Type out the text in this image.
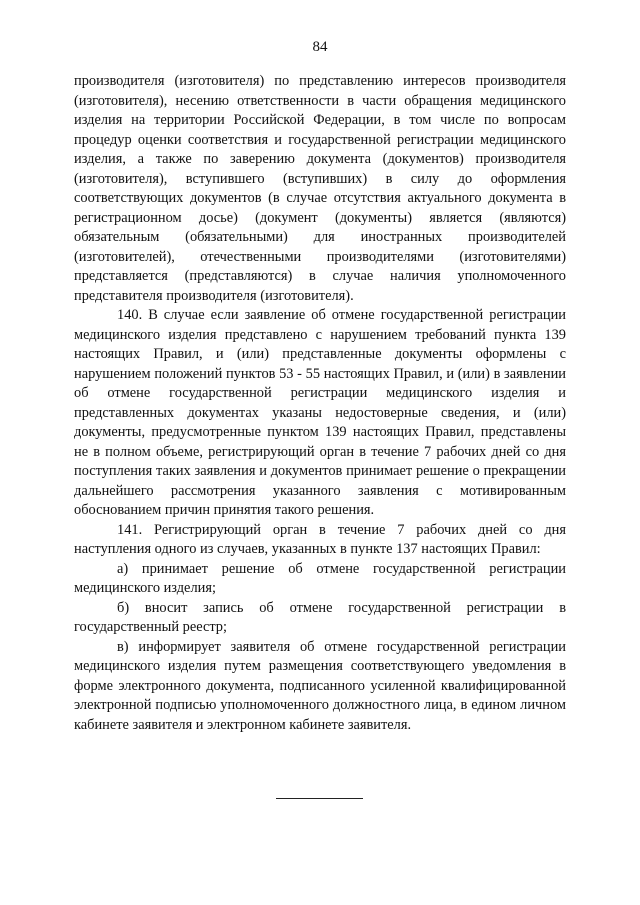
84

производителя (изготовителя) по представлению интересов производителя (изготовителя), несению ответственности в части обращения медицинского изделия на территории Российской Федерации, в том числе по вопросам процедур оценки соответствия и государственной регистрации медицинского изделия, а также по заверению документа (документов) производителя (изготовителя), вступившего (вступивших) в силу до оформления соответствующих документов (в случае отсутствия актуального документа в регистрационном досье) (документ (документы) является (являются) обязательным (обязательными) для иностранных производителей (изготовителей), отечественными производителями (изготовителями) представляется (представляются) в случае наличия уполномоченного представителя производителя (изготовителя).

140. В случае если заявление об отмене государственной регистрации медицинского изделия представлено с нарушением требований пункта 139 настоящих Правил, и (или) представленные документы оформлены с нарушением положений пунктов 53 - 55 настоящих Правил, и (или) в заявлении об отмене государственной регистрации медицинского изделия и представленных документах указаны недостоверные сведения, и (или) документы, предусмотренные пунктом 139 настоящих Правил, представлены не в полном объеме, регистрирующий орган в течение 7 рабочих дней со дня поступления таких заявления и документов принимает решение о прекращении дальнейшего рассмотрения указанного заявления с мотивированным обоснованием причин принятия такого решения.

141. Регистрирующий орган в течение 7 рабочих дней со дня наступления одного из случаев, указанных в пункте 137 настоящих Правил:

а) принимает решение об отмене государственной регистрации медицинского изделия;

б) вносит запись об отмене государственной регистрации в государственный реестр;

в) информирует заявителя об отмене государственной регистрации медицинского изделия путем размещения соответствующего уведомления в форме электронного документа, подписанного усиленной квалифицированной электронной подписью уполномоченного должностного лица, в едином личном кабинете заявителя и электронном кабинете заявителя.
